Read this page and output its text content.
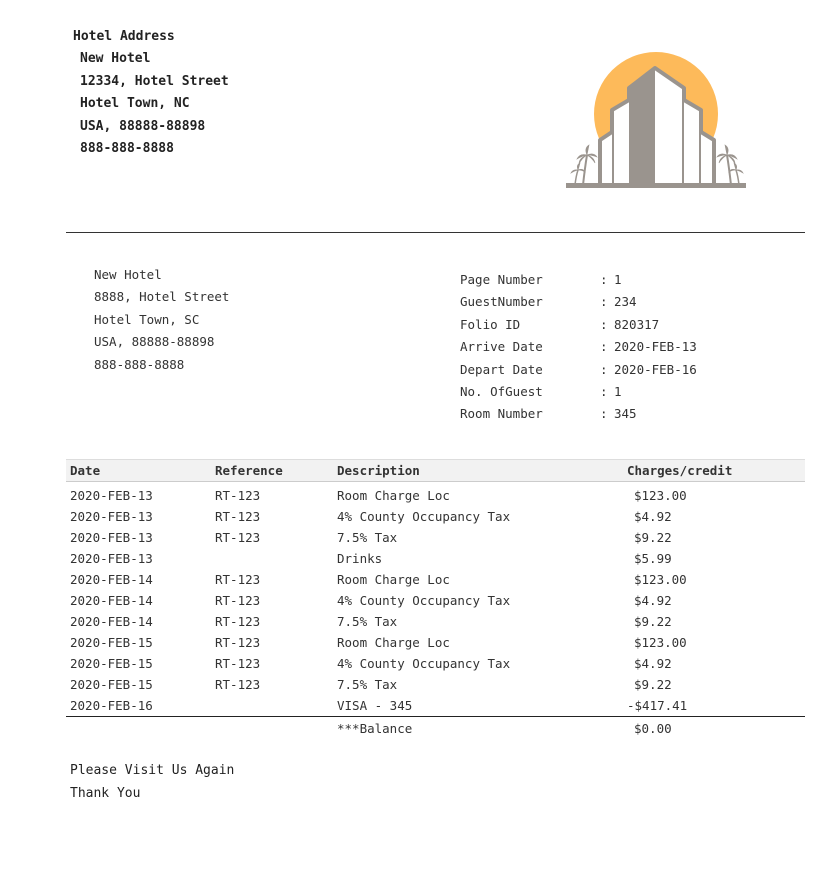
Hotel Address
New Hotel
12334, Hotel Street
Hotel Town, NC
USA, 88888-88898
888-888-8888
New Hotel
8888, Hotel Street
Hotel Town, SC
USA, 88888-88898
888-888-8888
Page Number	: 1
GuestNumber	: 234
Folio ID	: 820317
Arrive Date	: 2020-FEB-13
Depart Date	: 2020-FEB-16
No. OfGuest	: 1
Room Number	: 345
Date	Reference	Description	Charges/credit
2020-FEB-13	RT-123	Room Charge Loc	$123.00
2020-FEB-13	RT-123	4% County Occupancy Tax	$4.92
2020-FEB-13	RT-123	7.5% Tax	$9.22
2020-FEB-13		Drinks	$5.99
2020-FEB-14	RT-123	Room Charge Loc	$123.00
2020-FEB-14	RT-123	4% County Occupancy Tax	$4.92
2020-FEB-14	RT-123	7.5% Tax	$9.22
2020-FEB-15	RT-123	Room Charge Loc	$123.00
2020-FEB-15	RT-123	4% County Occupancy Tax	$4.92
2020-FEB-15	RT-123	7.5% Tax	$9.22
2020-FEB-16		VISA - 345	-$417.41
		***Balance	$0.00
Please Visit Us Again
Thank You
